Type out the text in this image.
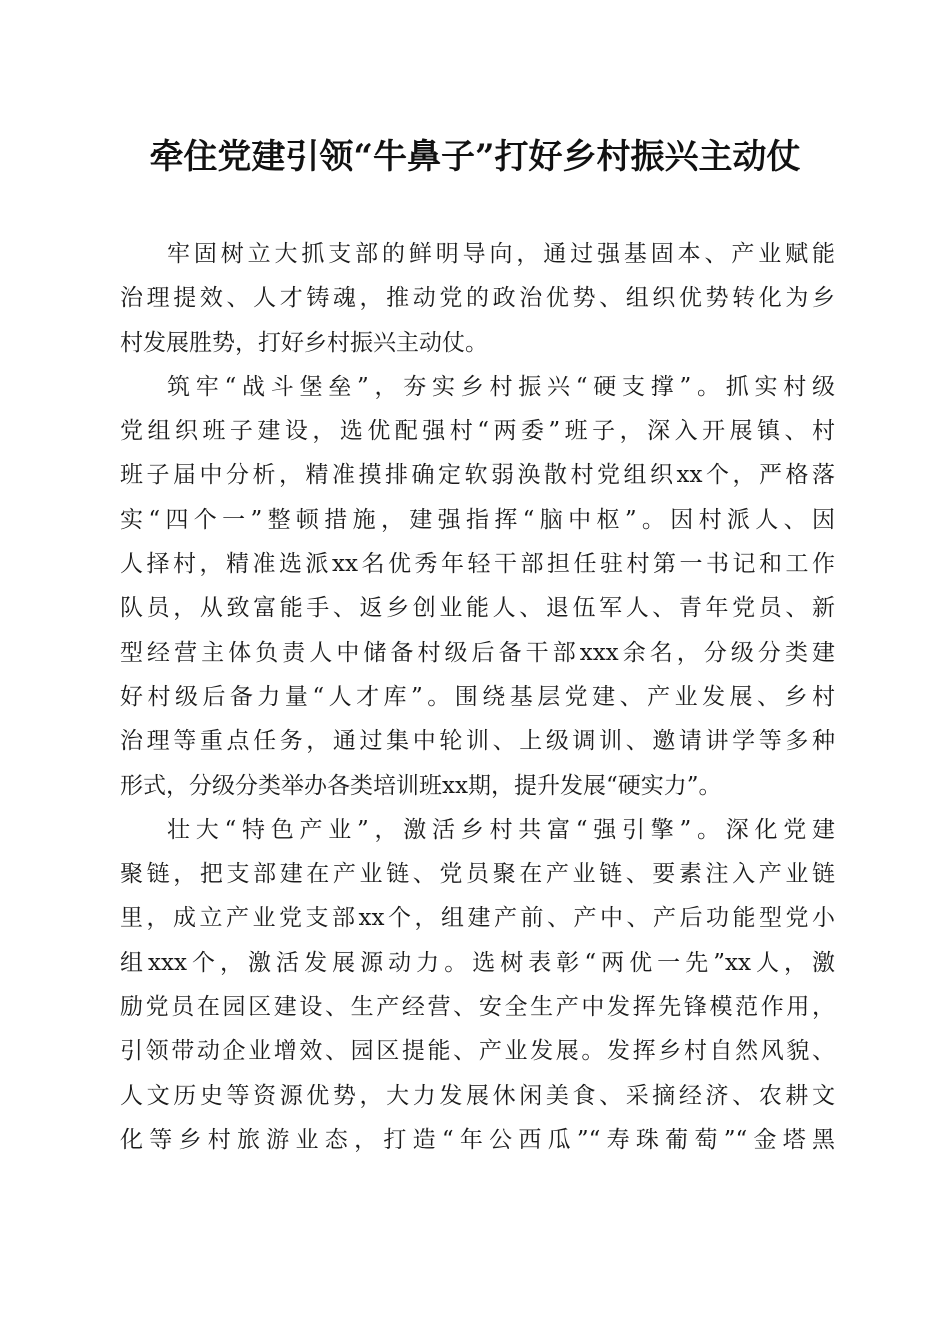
牵住党建引领“牛鼻子”打好乡村振兴主动仗
牢固树立大抓支部的鲜明导向，通过强基固本、产业赋能
治理提效、人才铸魂，推动党的政治优势、组织优势转化为乡
村发展胜势，打好乡村振兴主动仗。
筑牢“战斗堡垒”，夯实乡村振兴“硬支撑”。抓实村级
党组织班子建设，选优配强村“两委”班子，深入开展镇、村
班子届中分析，精准摸排确定软弱涣散村党组织xx个，严格落
实“四个一”整顿措施，建强指挥“脑中枢”。因村派人、因
人择村，精准选派xx名优秀年轻干部担任驻村第一书记和工作
队员，从致富能手、返乡创业能人、退伍军人、青年党员、新
型经营主体负责人中储备村级后备干部xxx余名，分级分类建
好村级后备力量“人才库”。围绕基层党建、产业发展、乡村
治理等重点任务，通过集中轮训、上级调训、邀请讲学等多种
形式，分级分类举办各类培训班xx期，提升发展“硬实力”。
壮大“特色产业”，激活乡村共富“强引擎”。深化党建
聚链，把支部建在产业链、党员聚在产业链、要素注入产业链
里，成立产业党支部xx个，组建产前、产中、产后功能型党小
组xxx个，激活发展源动力。选树表彰“两优一先”xx人，激
励党员在园区建设、生产经营、安全生产中发挥先锋模范作用，
引领带动企业增效、园区提能、产业发展。发挥乡村自然风貌、
人文历史等资源优势，大力发展休闲美食、采摘经济、农耕文
化等乡村旅游业态，打造“年公西瓜”“寿珠葡萄”“金塔黑
